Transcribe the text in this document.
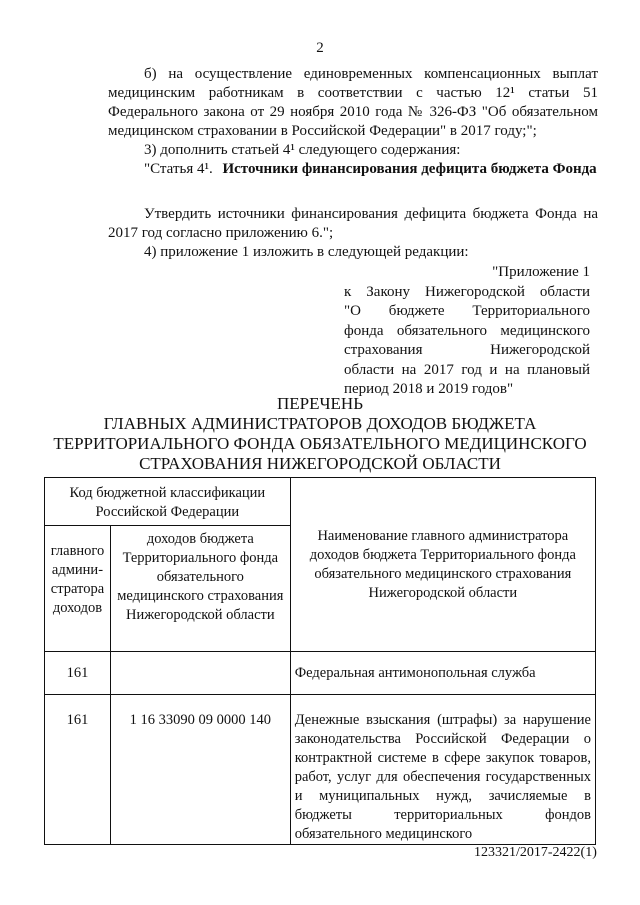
2
б) на осуществление единовременных компенсационных выплат медицинским работникам в соответствии с частью 12¹ статьи 51 Федерального закона от 29 ноября 2010 года № 326-ФЗ "Об обязательном медицинском страховании в Российской Федерации" в 2017 году;";
3) дополнить статьей 4¹ следующего содержания:
"Статья 4¹. Источники финансирования дефицита бюджета Фонда
Утвердить источники финансирования дефицита бюджета Фонда на 2017 год согласно приложению 6.";
4) приложение 1 изложить в следующей редакции:
"Приложение 1
к Закону Нижегородской области
"О бюджете Территориального
фонда обязательного медицинского
страхования Нижегородской
области на 2017 год и на плановый
период 2018 и 2019 годов"
ПЕРЕЧЕНЬ
ГЛАВНЫХ АДМИНИСТРАТОРОВ ДОХОДОВ БЮДЖЕТА
ТЕРРИТОРИАЛЬНОГО ФОНДА ОБЯЗАТЕЛЬНОГО МЕДИЦИНСКОГО
СТРАХОВАНИЯ НИЖЕГОРОДСКОЙ ОБЛАСТИ
Код бюджетной классификации Российской Федерации		Наименование главного администратора доходов бюджета Территориального фонда обязательного медицинского страхования Нижегородской области
главного админи-стратора доходов	доходов бюджета Территориального фонда обязательного медицинского страхования Нижегородской области	
161		Федеральная антимонопольная служба
161	1 16 33090 09 0000 140	Денежные взыскания (штрафы) за нарушение законодательства Российской Федерации о контрактной системе в сфере закупок товаров, работ, услуг для обеспечения государственных и муниципальных нужд, зачисляемые в бюджеты территориальных фондов обязательного медицинского
123321/2017-2422(1)
